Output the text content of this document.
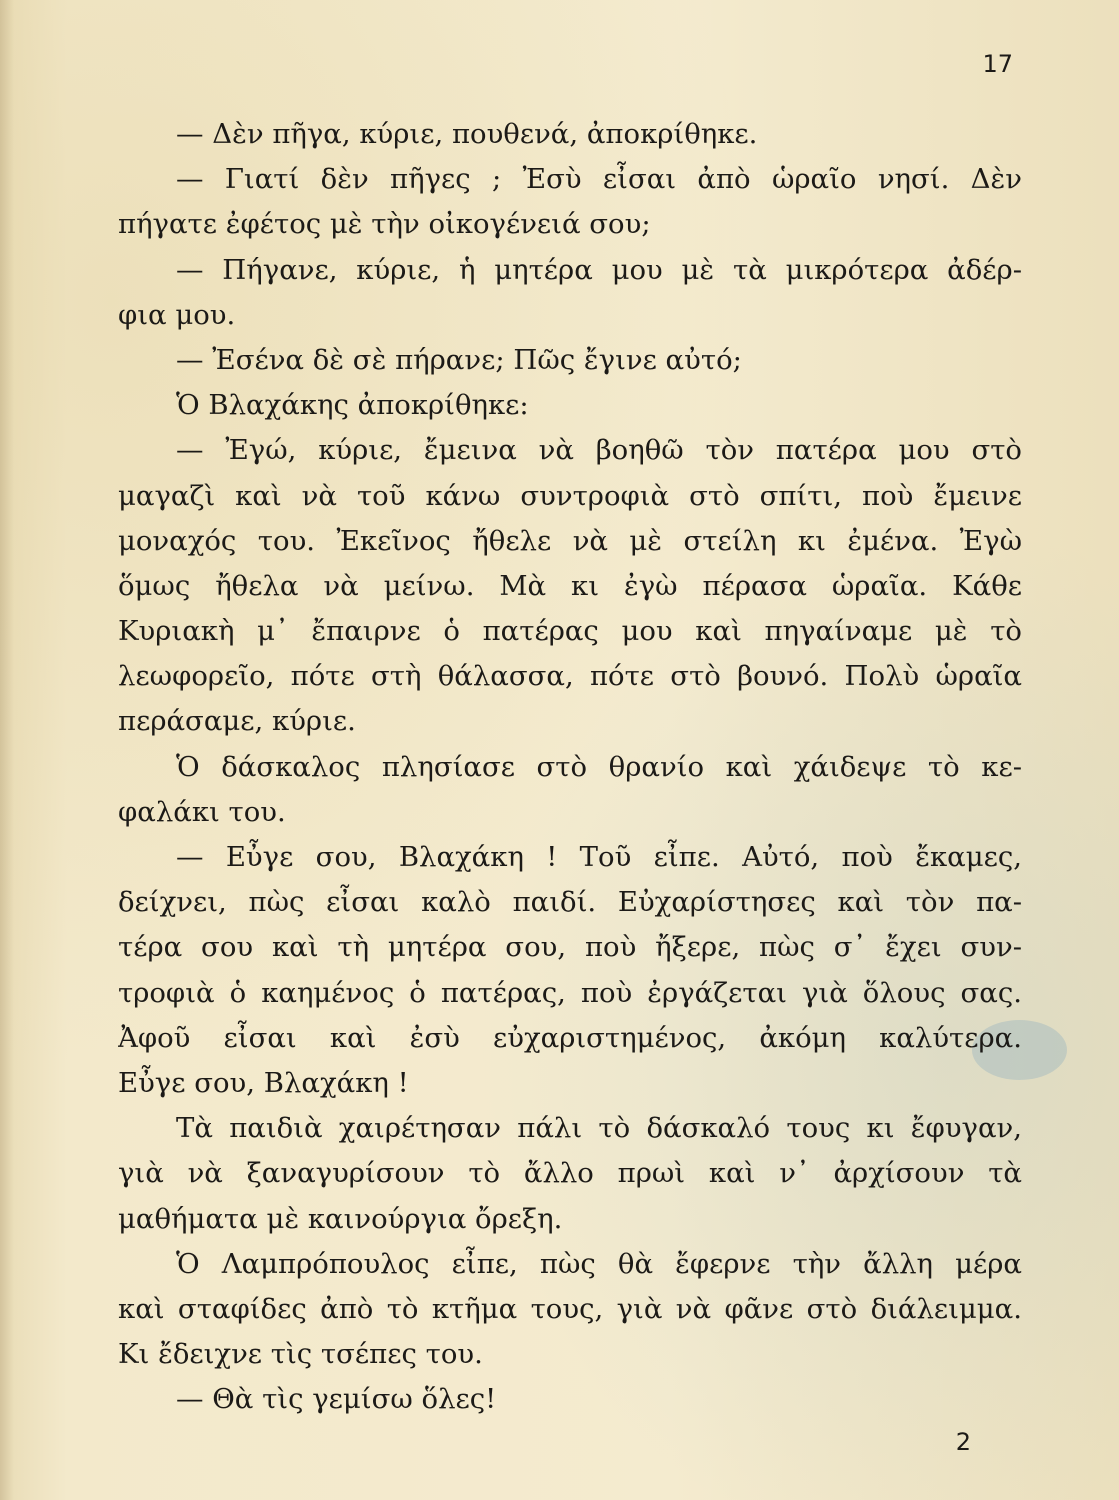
17
— Δὲν πῆγα, κύριε, πουθενά, ἀποκρίθηκε.
— Γιατί δὲν πῆγες ; Ἐσὺ εἶσαι ἀπὸ ὡραῖο νησί. Δὲν
πήγατε ἐφέτος μὲ τὴν οἰκογένειά σου;
— Πήγανε, κύριε, ἡ μητέρα μου μὲ τὰ μικρότερα ἀδέρ-
φια μου.
— Ἐσένα δὲ σὲ πήρανε; Πῶς ἔγινε αὐτό;
Ὁ Βλαχάκης ἀποκρίθηκε:
— Ἐγώ, κύριε, ἔμεινα νὰ βοηθῶ τὸν πατέρα μου στὸ
μαγαζὶ καὶ νὰ τοῦ κάνω συντροφιὰ στὸ σπίτι, ποὺ ἔμεινε
μοναχός του. Ἐκεῖνος ἤθελε νὰ μὲ στείλη κι ἐμένα. Ἐγὼ
ὅμως ἤθελα νὰ μείνω. Μὰ κι ἐγὼ πέρασα ὡραῖα. Κάθε
Κυριακὴ μ᾽ ἔπαιρνε ὁ πατέρας μου καὶ πηγαίναμε μὲ τὸ
λεωφορεῖο, πότε στὴ θάλασσα, πότε στὸ βουνό. Πολὺ ὡραῖα
περάσαμε, κύριε.
Ὁ δάσκαλος πλησίασε στὸ θρανίο καὶ χάιδεψε τὸ κε-
φαλάκι του.
— Εὖγε σου, Βλαχάκη ! Τοῦ εἶπε. Αὐτό, ποὺ ἔκαμες,
δείχνει, πὼς εἶσαι καλὸ παιδί. Εὐχαρίστησες καὶ τὸν πα-
τέρα σου καὶ τὴ μητέρα σου, ποὺ ἤξερε, πὼς σ᾽ ἔχει συν-
τροφιὰ ὁ καημένος ὁ πατέρας, ποὺ ἐργάζεται γιὰ ὅλους σας.
Ἀφοῦ εἶσαι καὶ ἐσὺ εὐχαριστημένος, ἀκόμη καλύτερα.
Εὖγε σου, Βλαχάκη !
Τὰ παιδιὰ χαιρέτησαν πάλι τὸ δάσκαλό τους κι ἔφυγαν,
γιὰ νὰ ξαναγυρίσουν τὸ ἄλλο πρωὶ καὶ ν᾽ ἀρχίσουν τὰ
μαθήματα μὲ καινούργια ὄρεξη.
Ὁ Λαμπρόπουλος εἶπε, πὼς θὰ ἔφερνε τὴν ἄλλη μέρα
καὶ σταφίδες ἀπὸ τὸ κτῆμα τους, γιὰ νὰ φᾶνε στὸ διάλειμμα.
Κι ἔδειχνε τὶς τσέπες του.
— Θὰ τὶς γεμίσω ὅλες!
2
